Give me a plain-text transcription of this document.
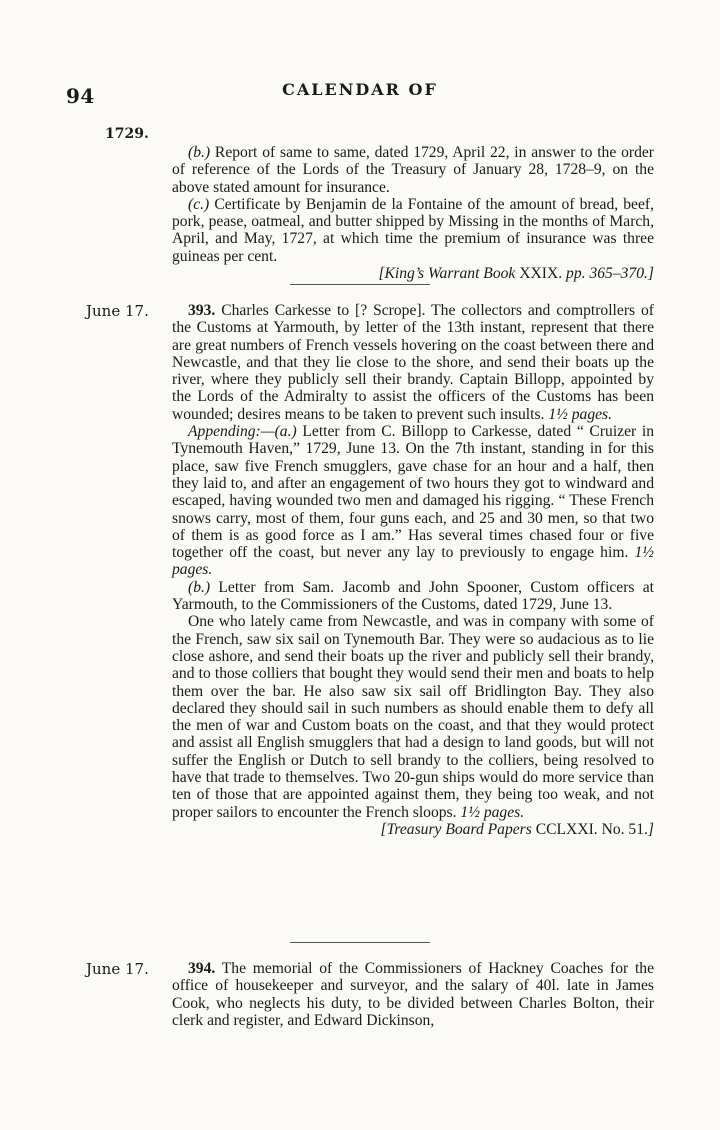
94	CALENDAR OF
1729.

(b.) Report of same to same, dated 1729, April 22, in answer to the order of reference of the Lords of the Treasury of January 28, 1728–9, on the above stated amount for insurance.

(c.) Certificate by Benjamin de la Fontaine of the amount of bread, beef, pork, pease, oatmeal, and butter shipped by Missing in the months of March, April, and May, 1727, at which time the premium of insurance was three guineas per cent.

[King’s Warrant Book XXIX. pp. 365–370.]

June 17.	393. Charles Carkesse to [? Scrope]. The collectors and comptrollers of the Customs at Yarmouth, by letter of the 13th instant, represent that there are great numbers of French vessels hovering on the coast between there and Newcastle, and that they lie close to the shore, and send their boats up the river, where they publicly sell their brandy. Captain Billopp, appointed by the Lords of the Admiralty to assist the officers of the Customs has been wounded; desires means to be taken to prevent such insults. 1½ pages.

Appending:—(a.) Letter from C. Billopp to Carkesse, dated “ Cruizer in Tynemouth Haven,” 1729, June 13. On the 7th instant, standing in for this place, saw five French smugglers, gave chase for an hour and a half, then they laid to, and after an engagement of two hours they got to windward and escaped, having wounded two men and damaged his rigging. “ These French snows carry, most of them, four guns each, and 25 and 30 men, so that two of them is as good force as I am.” Has several times chased four or five together off the coast, but never any lay to previously to engage him. 1½ pages.

(b.) Letter from Sam. Jacomb and John Spooner, Custom officers at Yarmouth, to the Commissioners of the Customs, dated 1729, June 13.

One who lately came from Newcastle, and was in company with some of the French, saw six sail on Tynemouth Bar. They were so audacious as to lie close ashore, and send their boats up the river and publicly sell their brandy, and to those colliers that bought they would send their men and boats to help them over the bar. He also saw six sail off Bridlington Bay. They also declared they should sail in such numbers as should enable them to defy all the men of war and Custom boats on the coast, and that they would protect and assist all English smugglers that had a design to land goods, but will not suffer the English or Dutch to sell brandy to the colliers, being resolved to have that trade to themselves. Two 20-gun ships would do more service than ten of those that are appointed against them, they being too weak, and not proper sailors to encounter the French sloops. 1½ pages.

[Treasury Board Papers CCLXXI. No. 51.]

June 17.	394. The memorial of the Commissioners of Hackney Coaches for the office of housekeeper and surveyor, and the salary of 40l. late in James Cook, who neglects his duty, to be divided between Charles Bolton, their clerk and register, and Edward Dickinson,
